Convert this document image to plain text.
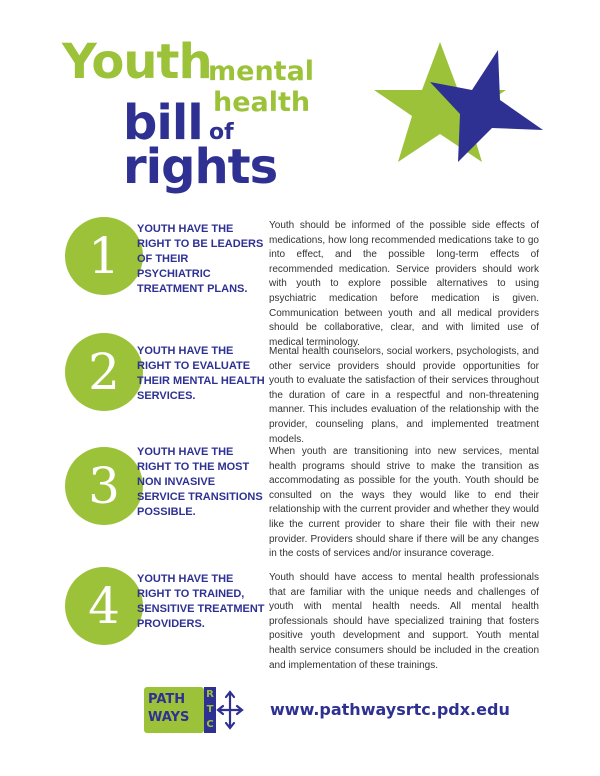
Youth
mental
health
bill of
rights
1	YOUTH HAVE THE RIGHT TO BE LEADERS OF THEIR PSYCHIATRIC TREATMENT PLANS.
Youth should be informed of the possible side effects of medications, how long recommended medications take to go into effect, and the possible long-term effects of recommended medication. Service providers should work with youth to explore possible alternatives to using psychiatric medication before medication is given. Communication between youth and all medical providers should be collaborative, clear, and with limited use of medical terminology.
2	YOUTH HAVE THE RIGHT TO EVALUATE THEIR MENTAL HEALTH SERVICES.
Mental health counselors, social workers, psychologists, and other service providers should provide opportunities for youth to evaluate the satisfaction of their services throughout the duration of care in a respectful and non-threatening manner. This includes evaluation of the relationship with the provider, counseling plans, and implemented treatment models.
3
YOUTH HAVE THE RIGHT TO THE MOST NON INVASIVE SERVICE TRANSITIONS POSSIBLE.
When youth are transitioning into new services, mental health programs should strive to make the transition as accommodating as possible for the youth. Youth should be consulted on the ways they would like to end their relationship with the current provider and whether they would like the current provider to share their file with their new provider. Providers should share if there will be any changes in the costs of services and/or insurance coverage.
4	YOUTH HAVE THE RIGHT TO TRAINED, SENSITIVE TREATMENT PROVIDERS.
Youth should have access to mental health professionals that are familiar with the unique needs and challenges of youth with mental health needs. All mental health professionals should have specialized training that fosters positive youth development and support. Youth mental health service consumers should be included in the creation and implementation of these trainings.
PATH
WAYS
R
T
C
www.pathwaysrtc.pdx.edu
